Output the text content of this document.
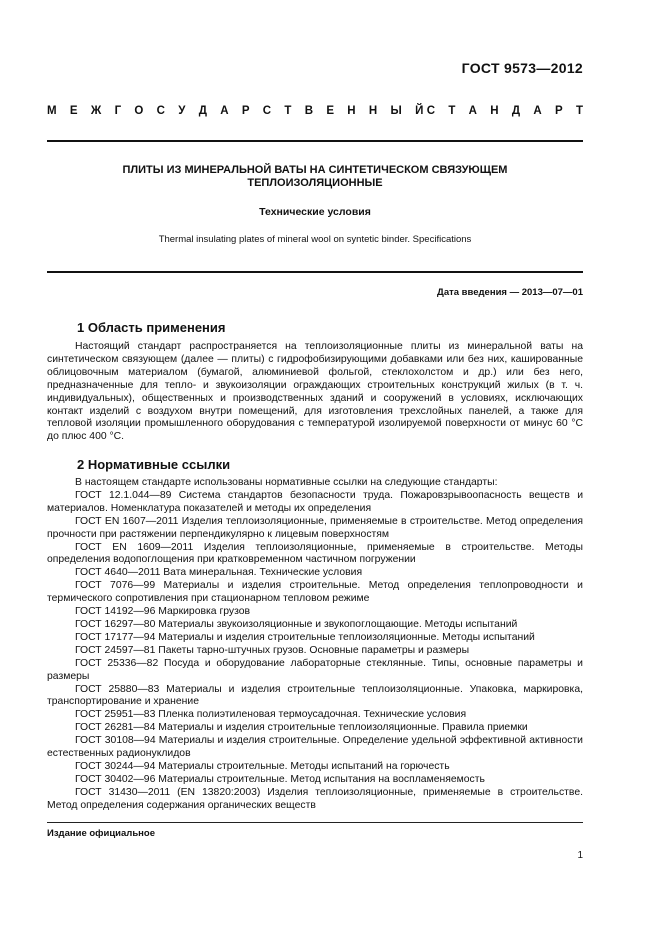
ГОСТ 9573—2012
М Е Ж Г О С У Д А Р С Т В Е Н Н Ы Й С Т А Н Д А Р Т
ПЛИТЫ ИЗ МИНЕРАЛЬНОЙ ВАТЫ НА СИНТЕТИЧЕСКОМ СВЯЗУЮЩЕМ
ТЕПЛОИЗОЛЯЦИОННЫЕ
Технические условия
Thermal insulating plates of mineral wool on syntetic binder. Specifications
Дата введения — 2013—07—01
1 Область применения

Настоящий стандарт распространяется на теплоизоляционные плиты из минеральной ваты на синтетическом связующем (далее — плиты) с гидрофобизирующими добавками или без них, кашированные облицовочным материалом (бумагой, алюминиевой фольгой, стеклохолстом и др.) или без него, предназначенные для тепло- и звукоизоляции ограждающих строительных конструкций жилых (в т. ч. индивидуальных), общественных и производственных зданий и сооружений в условиях, исключающих контакт изделий с воздухом внутри помещений, для изготовления трехслойных панелей, а также для тепловой изоляции промышленного оборудования с температурой изолируемой поверхности от минус 60 °С до плюс 400 °С.

2 Нормативные ссылки

В настоящем стандарте использованы нормативные ссылки на следующие стандарты:

ГОСТ 12.1.044—89 Система стандартов безопасности труда. Пожаровзрывоопасность веществ и материалов. Номенклатура показателей и методы их определения

ГОСТ EN 1607—2011 Изделия теплоизоляционные, применяемые в строительстве. Метод определения прочности при растяжении перпендикулярно к лицевым поверхностям

ГОСТ EN 1609—2011 Изделия теплоизоляционные, применяемые в строительстве. Методы определения водопоглощения при кратковременном частичном погружении

ГОСТ 4640—2011 Вата минеральная. Технические условия

ГОСТ 7076—99 Материалы и изделия строительные. Метод определения теплопроводности и термического сопротивления при стационарном тепловом режиме

ГОСТ 14192—96 Маркировка грузов

ГОСТ 16297—80 Материалы звукоизоляционные и звукопоглощающие. Методы испытаний

ГОСТ 17177—94 Материалы и изделия строительные теплоизоляционные. Методы испытаний

ГОСТ 24597—81 Пакеты тарно-штучных грузов. Основные параметры и размеры

ГОСТ 25336—82 Посуда и оборудование лабораторные стеклянные. Типы, основные параметры и размеры

ГОСТ 25880—83 Материалы и изделия строительные теплоизоляционные. Упаковка, маркировка, транспортирование и хранение

ГОСТ 25951—83 Пленка полиэтиленовая термоусадочная. Технические условия

ГОСТ 26281—84 Материалы и изделия строительные теплоизоляционные. Правила приемки

ГОСТ 30108—94 Материалы и изделия строительные. Определение удельной эффективной активности естественных радионуклидов

ГОСТ 30244—94 Материалы строительные. Методы испытаний на горючесть

ГОСТ 30402—96 Материалы строительные. Метод испытания на воспламеняемость

ГОСТ 31430—2011 (EN 13820:2003) Изделия теплоизоляционные, применяемые в строительстве. Метод определения содержания органических веществ

Издание официальное
1
